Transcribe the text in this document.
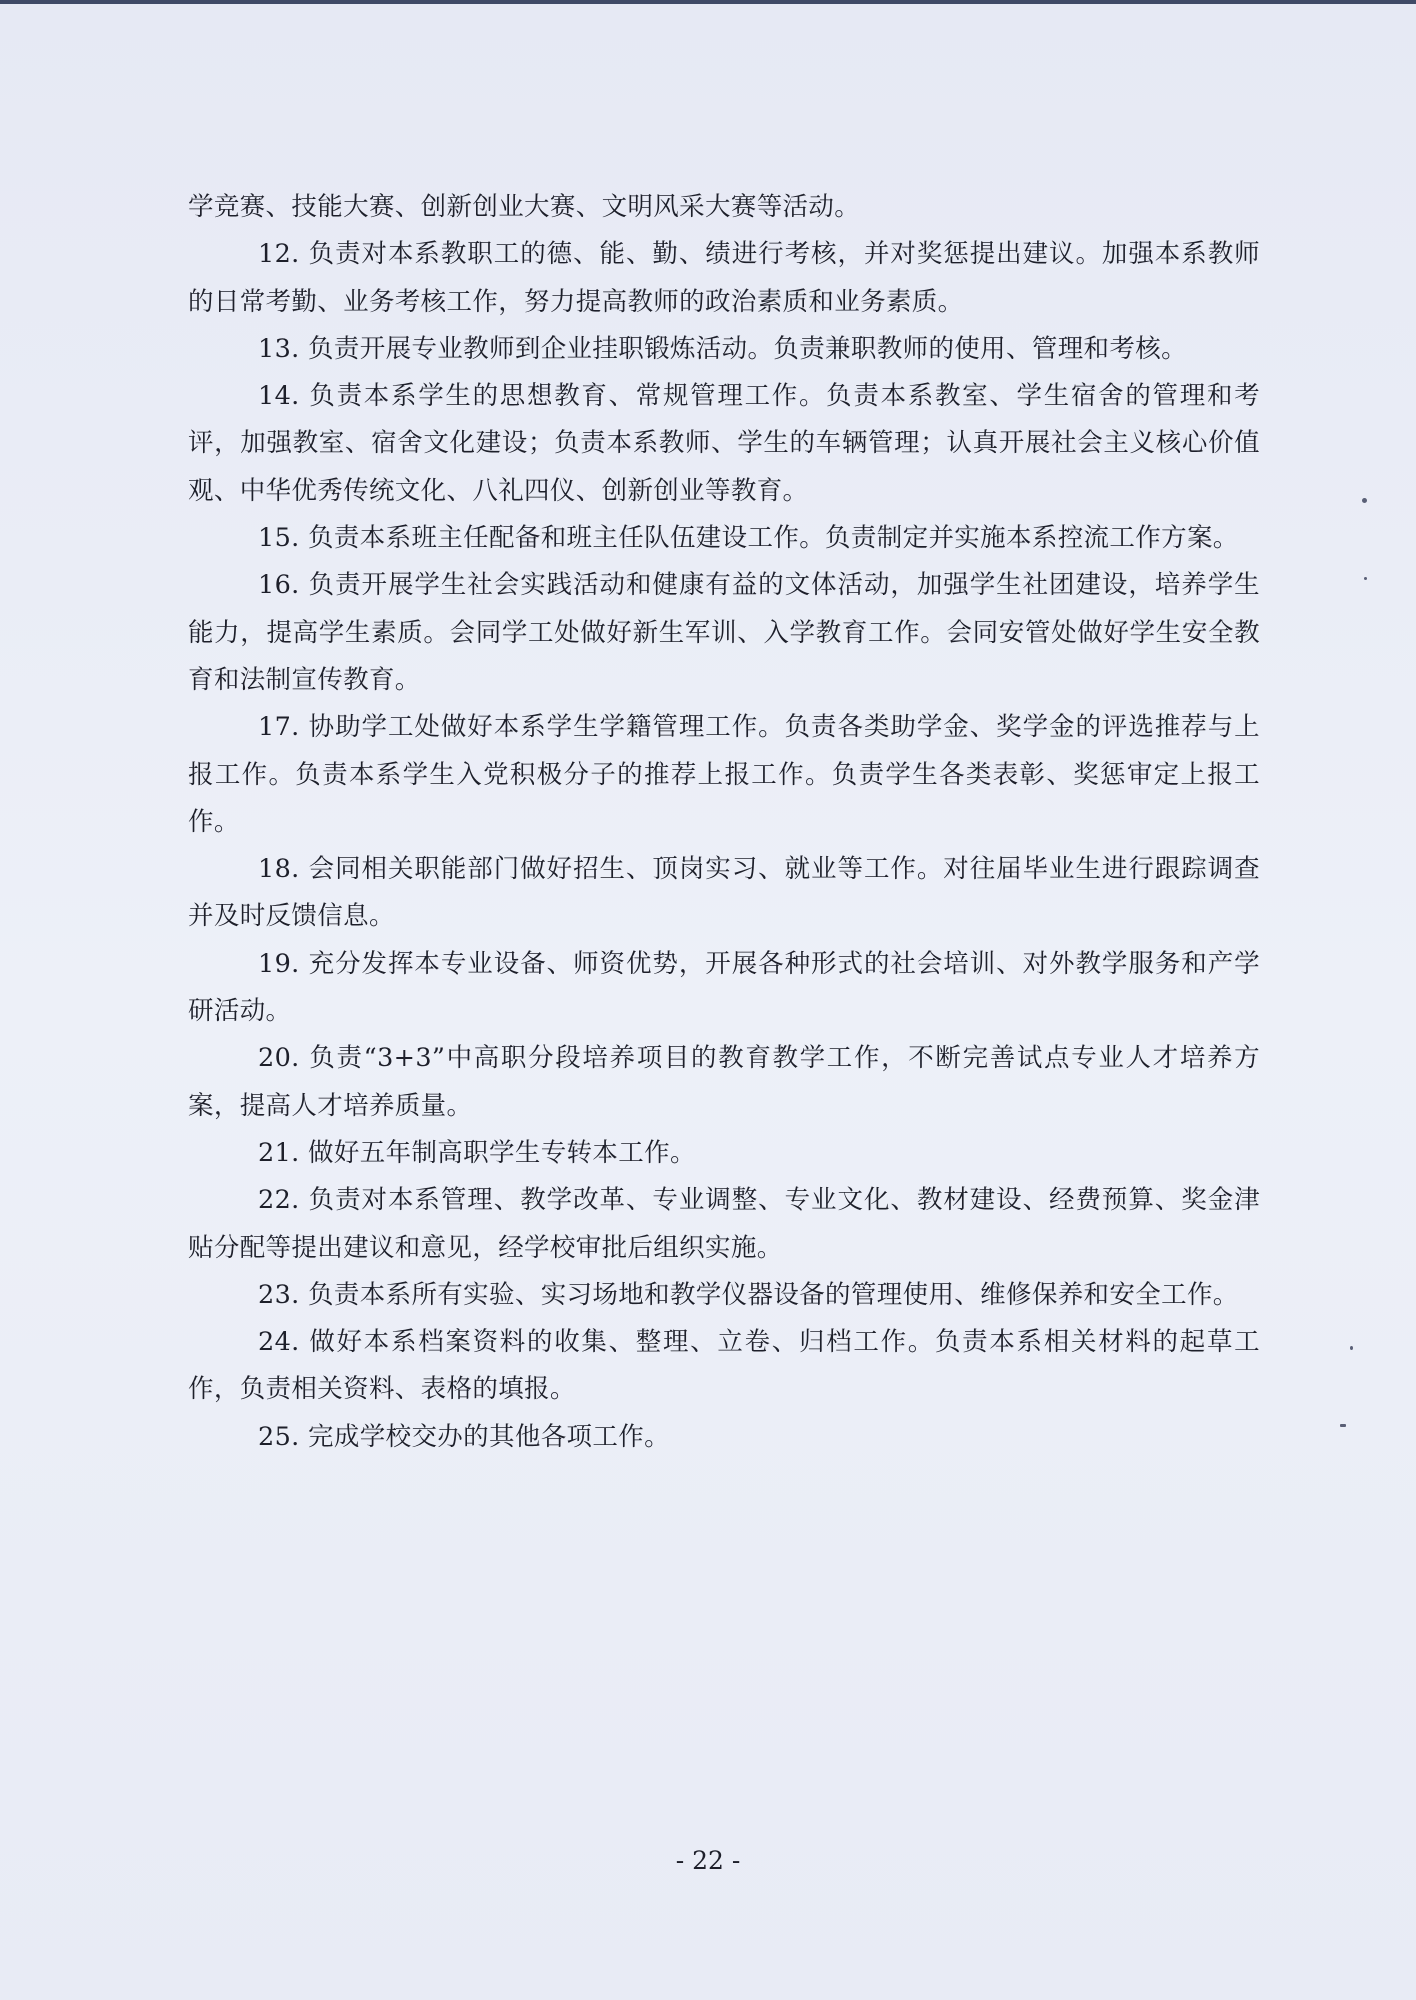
学竞赛、技能大赛、创新创业大赛、文明风采大赛等活动。

12. 负责对本系教职工的德、能、勤、绩进行考核，并对奖惩提出建议。加强本系教师的日常考勤、业务考核工作，努力提高教师的政治素质和业务素质。

13. 负责开展专业教师到企业挂职锻炼活动。负责兼职教师的使用、管理和考核。

14. 负责本系学生的思想教育、常规管理工作。负责本系教室、学生宿舍的管理和考评，加强教室、宿舍文化建设；负责本系教师、学生的车辆管理；认真开展社会主义核心价值观、中华优秀传统文化、八礼四仪、创新创业等教育。

15. 负责本系班主任配备和班主任队伍建设工作。负责制定并实施本系控流工作方案。

16. 负责开展学生社会实践活动和健康有益的文体活动，加强学生社团建设，培养学生能力，提高学生素质。会同学工处做好新生军训、入学教育工作。会同安管处做好学生安全教育和法制宣传教育。

17. 协助学工处做好本系学生学籍管理工作。负责各类助学金、奖学金的评选推荐与上报工作。负责本系学生入党积极分子的推荐上报工作。负责学生各类表彰、奖惩审定上报工作。

18. 会同相关职能部门做好招生、顶岗实习、就业等工作。对往届毕业生进行跟踪调查并及时反馈信息。

19. 充分发挥本专业设备、师资优势，开展各种形式的社会培训、对外教学服务和产学研活动。

20. 负责“3+3”中高职分段培养项目的教育教学工作，不断完善试点专业人才培养方案，提高人才培养质量。

21. 做好五年制高职学生专转本工作。

22. 负责对本系管理、教学改革、专业调整、专业文化、教材建设、经费预算、奖金津贴分配等提出建议和意见，经学校审批后组织实施。

23. 负责本系所有实验、实习场地和教学仪器设备的管理使用、维修保养和安全工作。

24. 做好本系档案资料的收集、整理、立卷、归档工作。负责本系相关材料的起草工作，负责相关资料、表格的填报。

25. 完成学校交办的其他各项工作。

- 22 -
